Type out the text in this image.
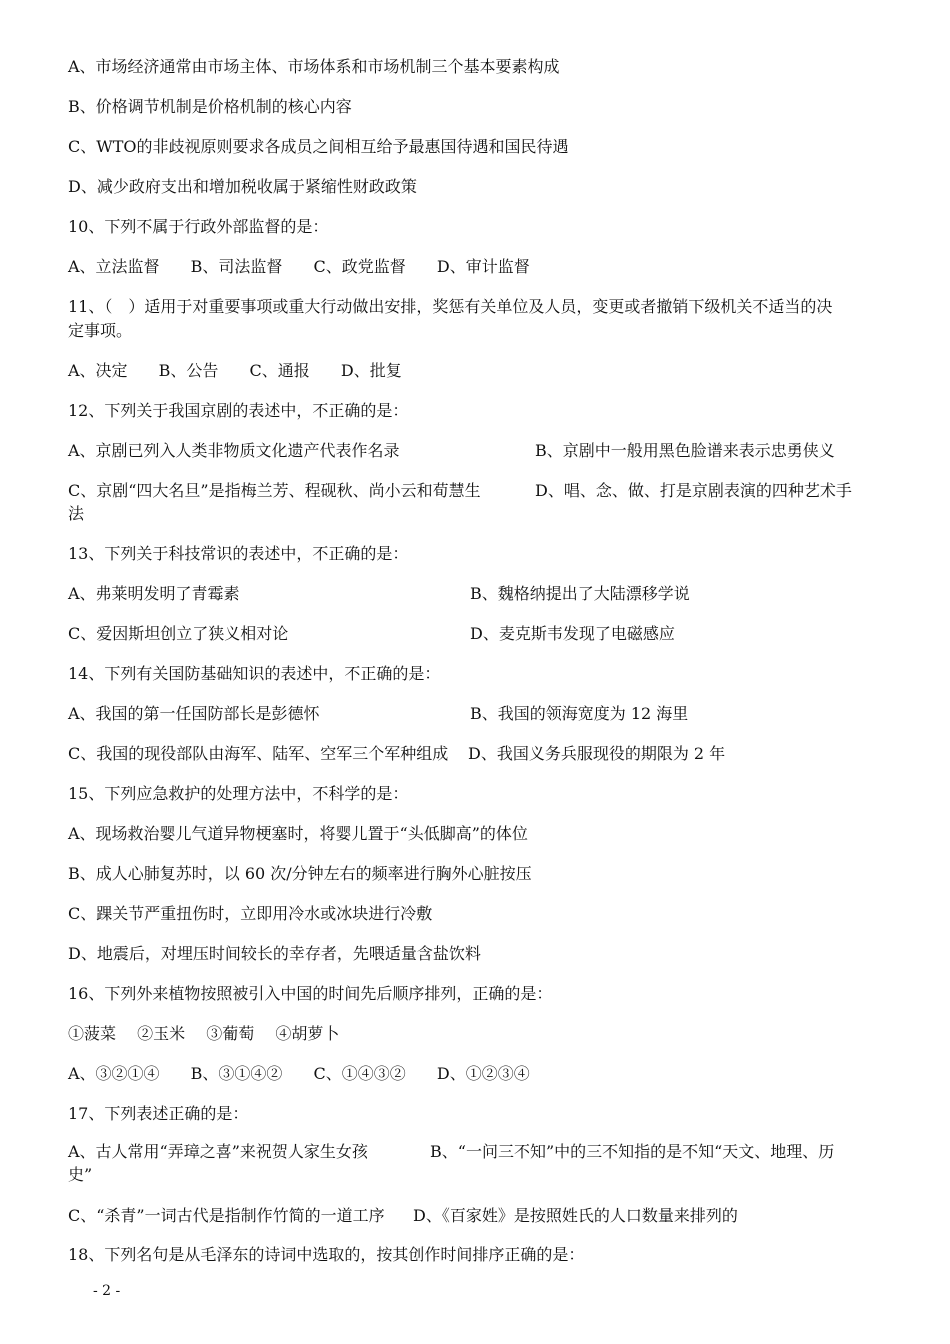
A、市场经济通常由市场主体、市场体系和市场机制三个基本要素构成
B、价格调节机制是价格机制的核心内容
C、WTO的非歧视原则要求各成员之间相互给予最惠国待遇和国民待遇
D、减少政府支出和增加税收属于紧缩性财政政策
10、下列不属于行政外部监督的是：
A、立法监督 B、司法监督 C、政党监督 D、审计监督
11、（　）适用于对重要事项或重大行动做出安排，奖惩有关单位及人员，变更或者撤销下级机关不适当的决
定事项。
A、决定 B、公告 C、通报 D、批复
12、下列关于我国京剧的表述中，不正确的是：
A、京剧已列入人类非物质文化遗产代表作名录	B、京剧中一般用黑色脸谱来表示忠勇侠义
C、京剧“四大名旦”是指梅兰芳、程砚秋、尚小云和荀慧生	D、唱、念、做、打是京剧表演的四种艺术手
法
13、下列关于科技常识的表述中，不正确的是：
A、弗莱明发明了青霉素	B、魏格纳提出了大陆漂移学说
C、爱因斯坦创立了狭义相对论	D、麦克斯韦发现了电磁感应
14、下列有关国防基础知识的表述中，不正确的是：
A、我国的第一任国防部长是彭德怀	B、我国的领海宽度为 12 海里
C、我国的现役部队由海军、陆军、空军三个军种组成 D、我国义务兵服现役的期限为 2 年
15、下列应急救护的处理方法中，不科学的是：
A、现场救治婴儿气道异物梗塞时，将婴儿置于“头低脚高”的体位
B、成人心肺复苏时，以 60 次/分钟左右的频率进行胸外心脏按压
C、踝关节严重扭伤时，立即用冷水或冰块进行冷敷
D、地震后，对埋压时间较长的幸存者，先喂适量含盐饮料
16、下列外来植物按照被引入中国的时间先后顺序排列，正确的是：
①菠菜 ②玉米 ③葡萄 ④胡萝卜
A、③②①④ B、③①④② C、①④③② D、①②③④
17、下列表述正确的是：
A、古人常用“弄璋之喜”来祝贺人家生女孩	B、“一问三不知”中的三不知指的是不知“天文、地理、历
史”
C、“杀青”一词古代是指制作竹简的一道工序 D、《百家姓》是按照姓氏的人口数量来排列的
18、下列名句是从毛泽东的诗词中选取的，按其创作时间排序正确的是：
- 2 -
